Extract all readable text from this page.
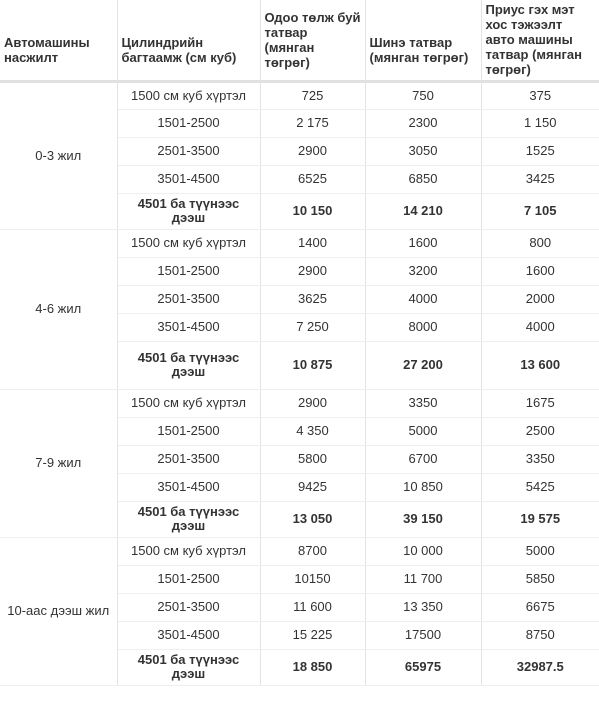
Автомашины насжилт	Цилиндрийн багтаамж (см куб)	Одоо төлж буй татвар (мянган төгрөг)	Шинэ татвар (мянган төгрөг)	Приус гэх мэт хос тэжээлт авто машины татвар (мянган төгрөг)
0-3 жил	1500 см куб хүртэл	725	750	375
	1501-2500	2 175	2300	1 150
	2501-3500	2900	3050	1525
	3501-4500	6525	6850	3425
	4501 ба түүнээс дээш	10 150	14 210	7 105
4-6 жил	1500 см куб хүртэл	1400	1600	800
	1501-2500	2900	3200	1600
	2501-3500	3625	4000	2000
	3501-4500	7 250	8000	4000
	4501 ба түүнээс дээш	10 875	27 200	13 600
7-9 жил	1500 см куб хүртэл	2900	3350	1675
	1501-2500	4 350	5000	2500
	2501-3500	5800	6700	3350
	3501-4500	9425	10 850	5425
	4501 ба түүнээс дээш	13 050	39 150	19 575
10-аас дээш жил	1500 см куб хүртэл	8700	10 000	5000
	1501-2500	10150	11 700	5850
	2501-3500	11 600	13 350	6675
	3501-4500	15 225	17500	8750
	4501 ба түүнээс дээш	18 850	65975	32987.5
